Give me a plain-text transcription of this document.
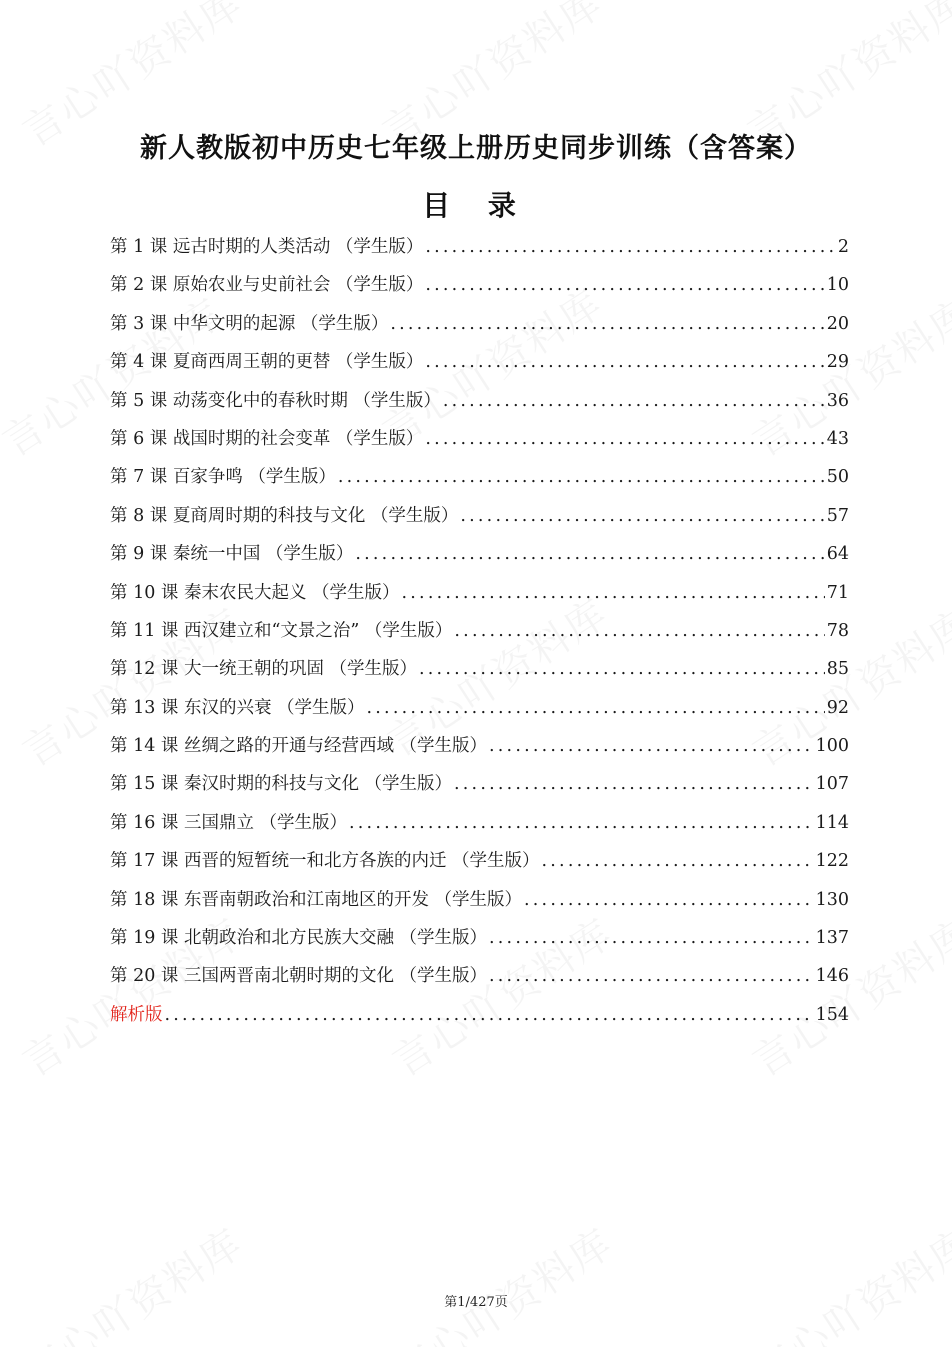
新人教版初中历史七年级上册历史同步训练（含答案）
目 录
第 1 课 远古时期的人类活动 （学生版） .....	2
第 2 课 原始农业与史前社会 （学生版） .....	10
第 3 课 中华文明的起源 （学生版） .....	20
第 4 课 夏商西周王朝的更替 （学生版） .....	29
第 5 课 动荡变化中的春秋时期 （学生版） .....	36
第 6 课 战国时期的社会变革 （学生版） .....	43
第 7 课 百家争鸣 （学生版） .....	50
第 8 课 夏商周时期的科技与文化 （学生版） .....	57
第 9 课 秦统一中国 （学生版） .....	64
第 10 课 秦末农民大起义 （学生版） .....	71
第 11 课 西汉建立和“文景之治” （学生版） .....	78
第 12 课 大一统王朝的巩固 （学生版） .....	85
第 13 课 东汉的兴衰 （学生版） .....	92
第 14 课 丝绸之路的开通与经营西域 （学生版） .....	100
第 15 课 秦汉时期的科技与文化 （学生版） .....	107
第 16 课 三国鼎立 （学生版） .....	114
第 17 课 西晋的短暂统一和北方各族的内迁 （学生版） .....	122
第 18 课 东晋南朝政治和江南地区的开发 （学生版） .....	130
第 19 课 北朝政治和北方民族大交融 （学生版） .....	137
第 20 课 三国两晋南北朝时期的文化 （学生版） .....	146
解析版 .....	154
第1/427页
